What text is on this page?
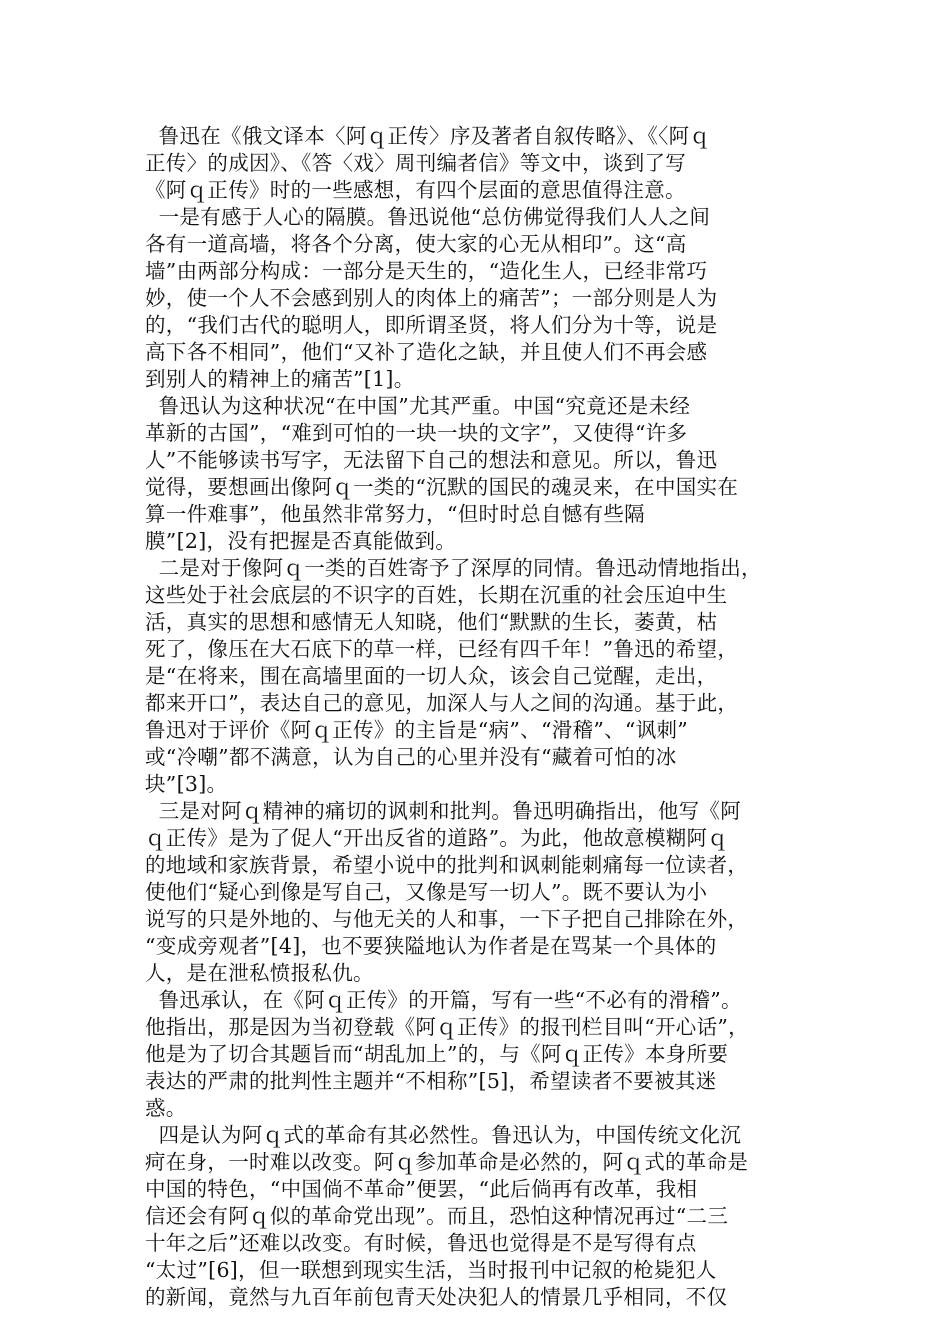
鲁迅在《俄文译本〈阿ｑ正传〉序及著者自叙传略》、《〈阿ｑ
正传〉的成因》、《答〈戏〉周刊编者信》等文中，谈到了写
《阿ｑ正传》时的一些感想，有四个层面的意思值得注意。
一是有感于人心的隔膜。鲁迅说他“总仿佛觉得我们人人之间
各有一道高墙，将各个分离，使大家的心无从相印”。这“高
墙”由两部分构成：一部分是天生的，“造化生人，已经非常巧
妙，使一个人不会感到别人的肉体上的痛苦”；一部分则是人为
的，“我们古代的聪明人，即所谓圣贤，将人们分为十等，说是
高下各不相同”，他们“又补了造化之缺，并且使人们不再会感
到别人的精神上的痛苦”[1]。
鲁迅认为这种状况“在中国”尤其严重。中国“究竟还是未经
革新的古国”，“难到可怕的一块一块的文字”，又使得“许多
人”不能够读书写字，无法留下自己的想法和意见。所以，鲁迅
觉得，要想画出像阿ｑ一类的“沉默的国民的魂灵来，在中国实在
算一件难事”，他虽然非常努力，“但时时总自憾有些隔
膜”[2]，没有把握是否真能做到。
二是对于像阿ｑ一类的百姓寄予了深厚的同情。鲁迅动情地指出，
这些处于社会底层的不识字的百姓，长期在沉重的社会压迫中生
活，真实的思想和感情无人知晓，他们“默默的生长，萎黄，枯
死了，像压在大石底下的草一样，已经有四千年！”鲁迅的希望，
是“在将来，围在高墙里面的一切人众，该会自己觉醒，走出，
都来开口”，表达自己的意见，加深人与人之间的沟通。基于此，
鲁迅对于评价《阿ｑ正传》的主旨是“病”、“滑稽”、“讽刺”
或“冷嘲”都不满意，认为自己的心里并没有“藏着可怕的冰
块”[3]。
三是对阿ｑ精神的痛切的讽刺和批判。鲁迅明确指出，他写《阿
ｑ正传》是为了促人“开出反省的道路”。为此，他故意模糊阿ｑ
的地域和家族背景，希望小说中的批判和讽刺能刺痛每一位读者，
使他们“疑心到像是写自己，又像是写一切人”。既不要认为小
说写的只是外地的、与他无关的人和事，一下子把自己排除在外，
“变成旁观者”[4]，也不要狭隘地认为作者是在骂某一个具体的
人，是在泄私愤报私仇。
鲁迅承认，在《阿ｑ正传》的开篇，写有一些“不必有的滑稽”。
他指出，那是因为当初登载《阿ｑ正传》的报刊栏目叫“开心话”，
他是为了切合其题旨而“胡乱加上”的，与《阿ｑ正传》本身所要
表达的严肃的批判性主题并“不相称”[5]，希望读者不要被其迷
惑。
四是认为阿ｑ式的革命有其必然性。鲁迅认为，中国传统文化沉
疴在身，一时难以改变。阿ｑ参加革命是必然的，阿ｑ式的革命是
中国的特色，“中国倘不革命”便罢，“此后倘再有改革，我相
信还会有阿ｑ似的革命党出现”。而且，恐怕这种情况再过“二三
十年之后”还难以改变。有时候，鲁迅也觉得是不是写得有点
“太过”[6]，但一联想到现实生活，当时报刊中记叙的枪毙犯人
的新闻，竟然与九百年前包青天处决犯人的情景几乎相同，不仅
